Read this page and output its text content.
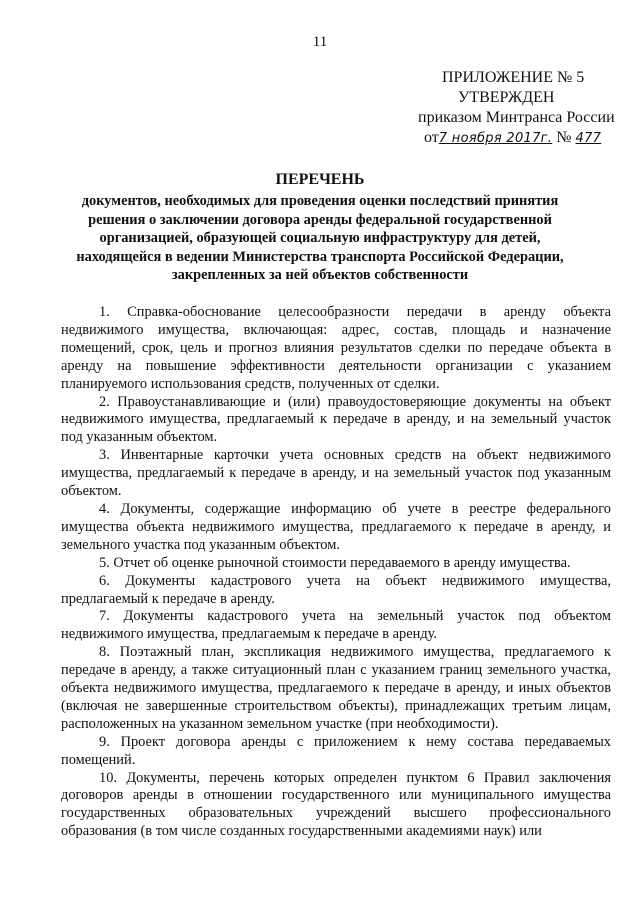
11
ПРИЛОЖЕНИЕ № 5
УТВЕРЖДЕН
приказом Минтранса России
от7 ноября 2017г. № 477
ПЕРЕЧЕНЬ
документов, необходимых для проведения оценки последствий принятия решения о заключении договора аренды федеральной государственной организацией, образующей социальную инфраструктуру для детей, находящейся в ведении Министерства транспорта Российской Федерации, закрепленных за ней объектов собственности

1. Справка-обоснование целесообразности передачи в аренду объекта недвижимого имущества, включающая: адрес, состав, площадь и назначение помещений, срок, цель и прогноз влияния результатов сделки по передаче объекта в аренду на повышение эффективности деятельности организации с указанием планируемого использования средств, полученных от сделки.

2. Правоустанавливающие и (или) правоудостоверяющие документы на объект недвижимого имущества, предлагаемый к передаче в аренду, и на земельный участок под указанным объектом.

3. Инвентарные карточки учета основных средств на объект недвижимого имущества, предлагаемый к передаче в аренду, и на земельный участок под указанным объектом.

4. Документы, содержащие информацию об учете в реестре федерального имущества объекта недвижимого имущества, предлагаемого к передаче в аренду, и земельного участка под указанным объектом.

5. Отчет об оценке рыночной стоимости передаваемого в аренду имущества.

6. Документы кадастрового учета на объект недвижимого имущества, предлагаемый к передаче в аренду.

7. Документы кадастрового учета на земельный участок под объектом недвижимого имущества, предлагаемым к передаче в аренду.

8. Поэтажный план, экспликация недвижимого имущества, предлагаемого к передаче в аренду, а также ситуационный план с указанием границ земельного участка, объекта недвижимого имущества, предлагаемого к передаче в аренду, и иных объектов (включая не завершенные строительством объекты), принадлежащих третьим лицам, расположенных на указанном земельном участке (при необходимости).

9. Проект договора аренды с приложением к нему состава передаваемых помещений.

10. Документы, перечень которых определен пунктом 6 Правил заключения договоров аренды в отношении государственного или муниципального имущества государственных образовательных учреждений высшего профессионального образования (в том числе созданных государственными академиями наук) или
